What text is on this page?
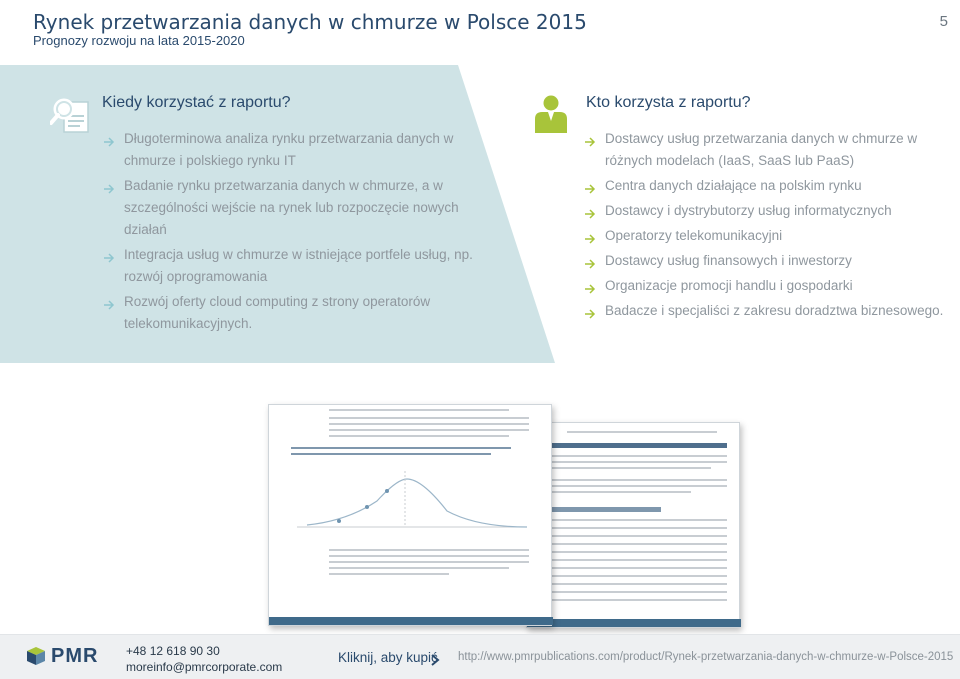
Rynek przetwarzania danych w chmurze w Polsce 2015
Prognozy rozwoju na lata 2015-2020
5
Kiedy korzystać z raportu?
Długoterminowa analiza rynku przetwarzania danych w chmurze i polskiego rynku IT
Badanie rynku przetwarzania danych w chmurze, a w szczególności wejście na rynek lub rozpoczęcie nowych działań
Integracja usług w chmurze w istniejące portfele usług, np. rozwój oprogramowania
Rozwój oferty cloud computing z strony operatorów telekomunikacyjnych.
Kto korzysta z raportu?
Dostawcy usług przetwarzania danych w chmurze w różnych modelach (IaaS, SaaS lub PaaS)
Centra danych działające na polskim rynku
Dostawcy i dystrybutorzy usług informatycznych
Operatorzy telekomunikacyjni
Dostawcy usług finansowych i inwestorzy
Organizacje promocji handlu i gospodarki
Badacze i specjaliści z zakresu doradztwa biznesowego.
PMR +48 12 618 90 30
moreinfo@pmrcorporate.com
Kliknij, aby kupić http://www.pmrpublications.com/product/Rynek-przetwarzania-danych-w-chmurze-w-Polsce-2015
